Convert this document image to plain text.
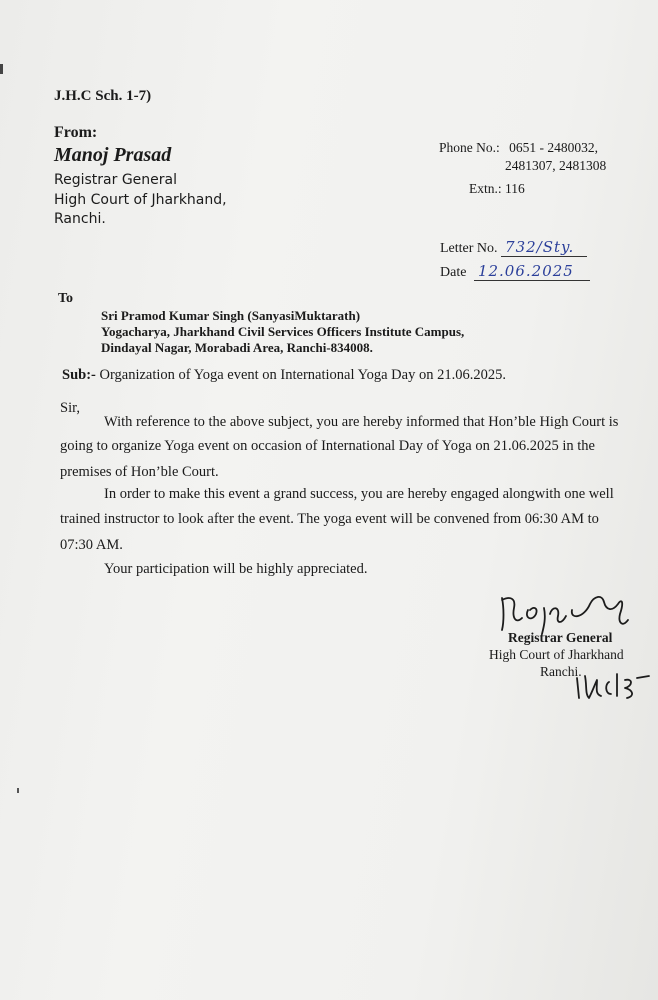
J.H.C Sch. 1-7)
From:
Manoj Prasad
Registrar General
High Court of Jharkhand,
Ranchi.
Phone No.: 0651 - 2480032,
2481307, 2481308
Extn.: 116
Letter No. 732/Sty.
Date 12.06.2025
To
Sri Pramod Kumar Singh (SanyasiMuktarath)
Yogacharya, Jharkhand Civil Services Officers Institute Campus,
Dindayal Nagar, Morabadi Area, Ranchi-834008.
Sub:- Organization of Yoga event on International Yoga Day on 21.06.2025.
Sir,
With reference to the above subject, you are hereby informed that Hon’ble High Court is
going to organize Yoga event on occasion of International Day of Yoga on 21.06.2025 in the
premises of Hon’ble Court.
In order to make this event a grand success, you are hereby engaged alongwith one well
trained instructor to look after the event. The yoga event will be convened from 06:30 AM to
07:30 AM.
Your participation will be highly appreciated.
Registrar General
High Court of Jharkhand
Ranchi.
